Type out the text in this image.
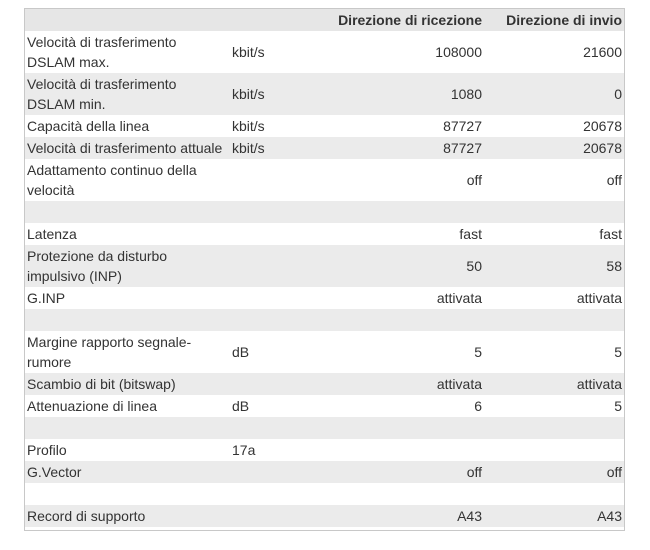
		Direzione di ricezione	Direzione di invio
Velocità di trasferimento DSLAM max.	kbit/s	108000	21600
Velocità di trasferimento DSLAM min.	kbit/s	1080	0
Capacità della linea	kbit/s	87727	20678
Velocità di trasferimento attuale	kbit/s	87727	20678
Adattamento continuo della velocità		off	off

Latenza		fast	fast
Protezione da disturbo impulsivo (INP)		50	58
G.INP		attivata	attivata

Margine rapporto segnale-rumore	dB	5	5
Scambio di bit (bitswap)		attivata	attivata
Attenuazione di linea	dB	6	5

Profilo	17a		
G.Vector		off	off

Record di supporto		A43	A43
